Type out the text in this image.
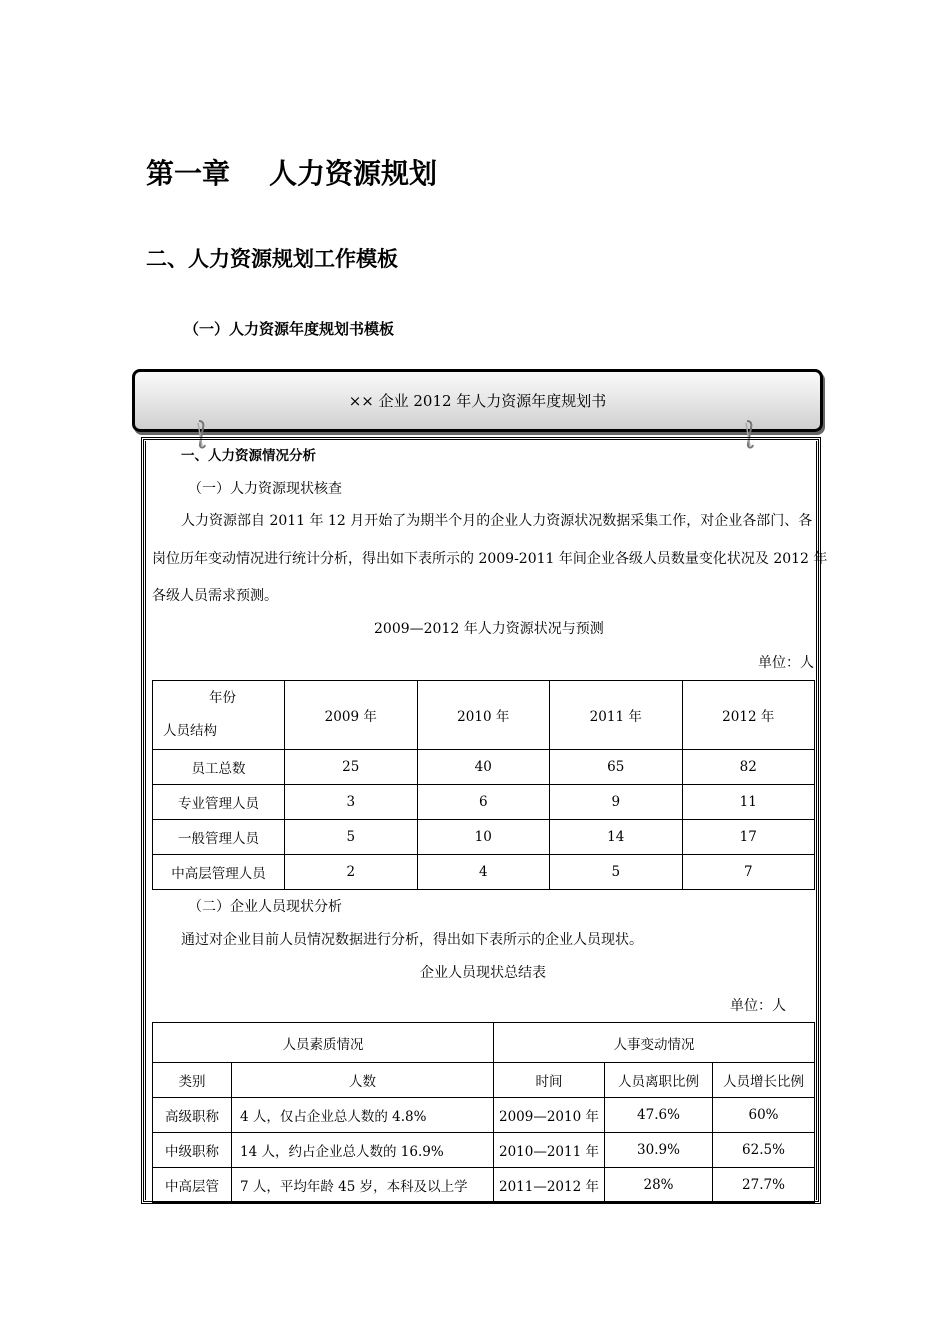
第一章    人力资源规划
二、人力资源规划工作模板
（一）人力资源年度规划书模板
×× 企业 2012 年人力资源年度规划书
一、人力资源情况分析
（一）人力资源现状核查
人力资源部自 2011 年 12 月开始了为期半个月的企业人力资源状况数据采集工作，对企业各部门、各
岗位历年变动情况进行统计分析，得出如下表所示的 2009-2011 年间企业各级人员数量变化状况及 2012 年
各级人员需求预测。
2009—2012 年人力资源状况与预测
单位：人
年份
人员结构	2009 年	2010 年	2011 年	2012 年
员工总数	25	40	65	82
专业管理人员	3	6	9	11
一般管理人员	5	10	14	17
中高层管理人员	2	4	5	7
（二）企业人员现状分析
通过对企业目前人员情况数据进行分析，得出如下表所示的企业人员现状。
企业人员现状总结表
单位：人
人员素质情况		人事变动情况		
类别	人数	时间	人员离职比例	人员增长比例
高级职称	4 人，仅占企业总人数的 4.8%	2009—2010 年	47.6%	60%
中级职称	14 人，约占企业总人数的 16.9%	2010—2011 年	30.9%	62.5%
中高层管	7 人，平均年龄 45 岁，本科及以上学	2011—2012 年	28%	27.7%
